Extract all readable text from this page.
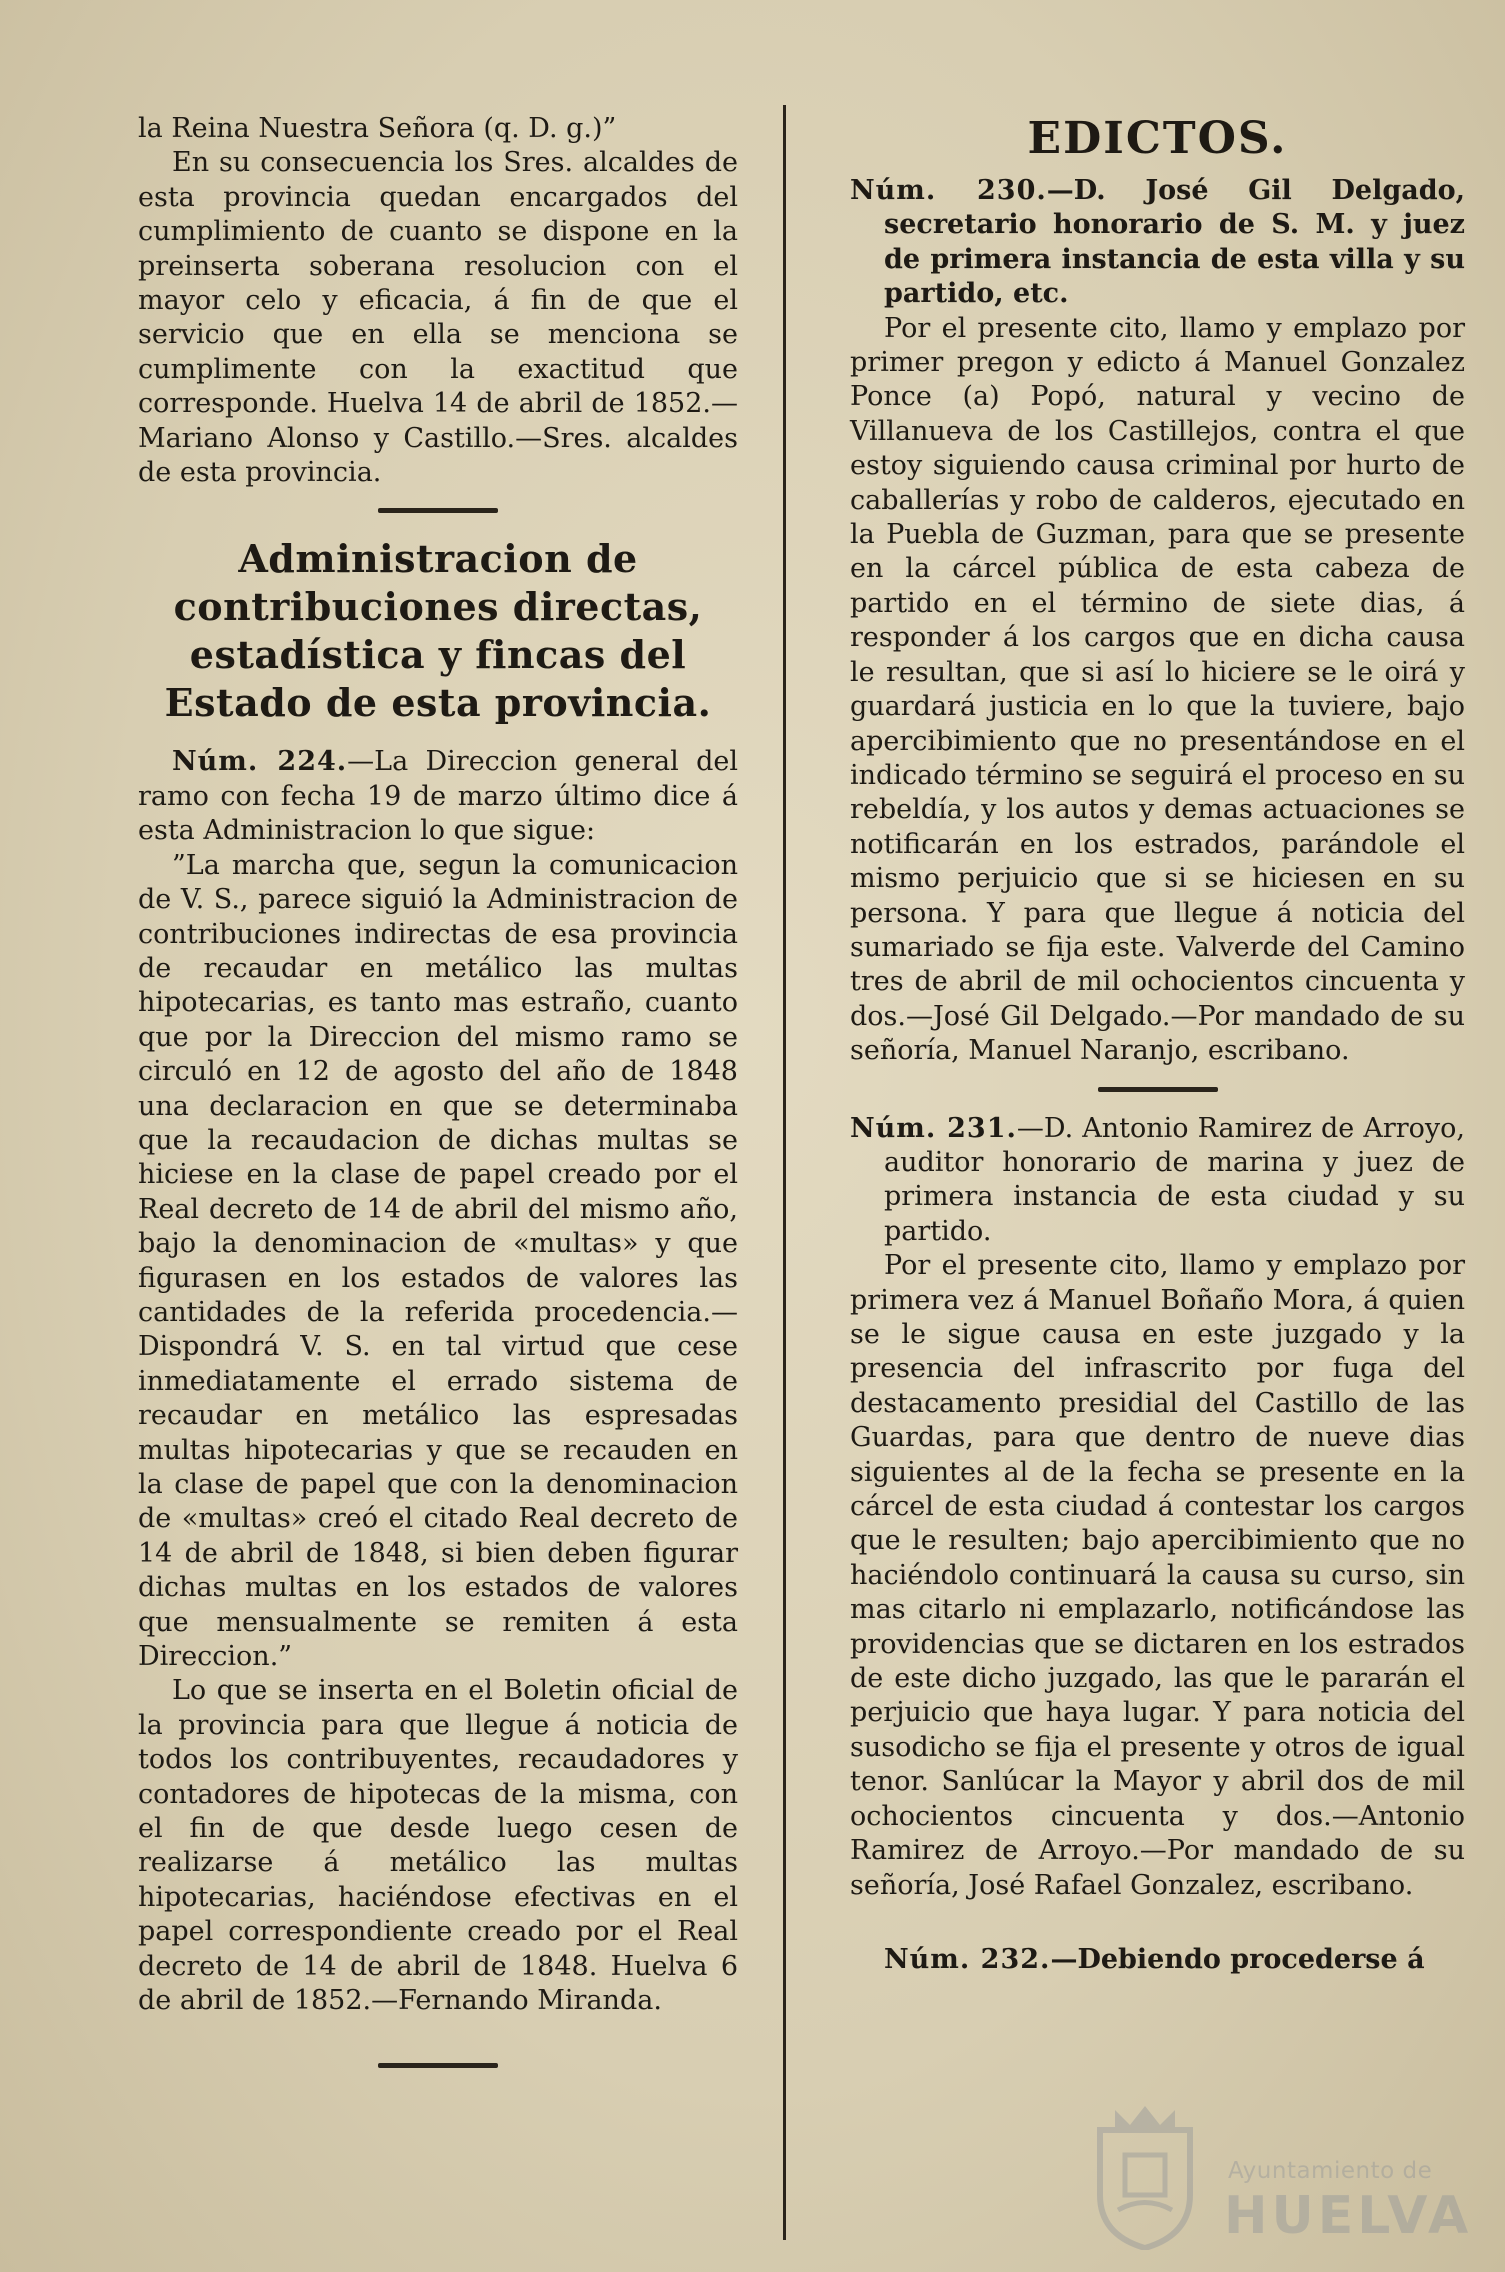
la Reina Nuestra Señora (q. D. g.)”

En su consecuencia los Sres. alcaldes de esta provincia quedan encargados del cumplimiento de cuanto se dispone en la preinserta soberana resolucion con el mayor celo y eficacia, á fin de que el servicio que en ella se menciona se cumplimente con la exactitud que corresponde. Huelva 14 de abril de 1852.—Mariano Alonso y Castillo.—Sres. alcaldes de esta provincia.

Administracion de contribuciones directas, estadística y fincas del Estado de esta provincia.

Núm. 224.—La Direccion general del ramo con fecha 19 de marzo último dice á esta Administracion lo que sigue:

”La marcha que, segun la comunicacion de V. S., parece siguió la Administracion de contribuciones indirectas de esa provincia de recaudar en metálico las multas hipotecarias, es tanto mas estraño, cuanto que por la Direccion del mismo ramo se circuló en 12 de agosto del año de 1848 una declaracion en que se determinaba que la recaudacion de dichas multas se hiciese en la clase de papel creado por el Real decreto de 14 de abril del mismo año, bajo la denominacion de «multas» y que figurasen en los estados de valores las cantidades de la referida procedencia.—Dispondrá V. S. en tal virtud que cese inmediatamente el errado sistema de recaudar en metálico las espresadas multas hipotecarias y que se recauden en la clase de papel que con la denominacion de «multas» creó el citado Real decreto de 14 de abril de 1848, si bien deben figurar dichas multas en los estados de valores que mensualmente se remiten á esta Direccion.”

Lo que se inserta en el Boletin oficial de la provincia para que llegue á noticia de todos los contribuyentes, recaudadores y contadores de hipotecas de la misma, con el fin de que desde luego cesen de realizarse á metálico las multas hipotecarias, haciéndose efectivas en el papel correspondiente creado por el Real decreto de 14 de abril de 1848. Huelva 6 de abril de 1852.—Fernando Miranda.

EDICTOS.

Núm. 230.—D. José Gil Delgado, secretario honorario de S. M. y juez de primera instancia de esta villa y su partido, etc.

Por el presente cito, llamo y emplazo por primer pregon y edicto á Manuel Gonzalez Ponce (a) Popó, natural y vecino de Villanueva de los Castillejos, contra el que estoy siguiendo causa criminal por hurto de caballerías y robo de calderos, ejecutado en la Puebla de Guzman, para que se presente en la cárcel pública de esta cabeza de partido en el término de siete dias, á responder á los cargos que en dicha causa le resultan, que si así lo hiciere se le oirá y guardará justicia en lo que la tuviere, bajo apercibimiento que no presentándose en el indicado término se seguirá el proceso en su rebeldía, y los autos y demas actuaciones se notificarán en los estrados, parándole el mismo perjuicio que si se hiciesen en su persona. Y para que llegue á noticia del sumariado se fija este. Valverde del Camino tres de abril de mil ochocientos cincuenta y dos.—José Gil Delgado.—Por mandado de su señoría, Manuel Naranjo, escribano.

Núm. 231.—D. Antonio Ramirez de Arroyo, auditor honorario de marina y juez de primera instancia de esta ciudad y su partido.

Por el presente cito, llamo y emplazo por primera vez á Manuel Boñaño Mora, á quien se le sigue causa en este juzgado y la presencia del infrascrito por fuga del destacamento presidial del Castillo de las Guardas, para que dentro de nueve dias siguientes al de la fecha se presente en la cárcel de esta ciudad á contestar los cargos que le resulten; bajo apercibimiento que no haciéndolo continuará la causa su curso, sin mas citarlo ni emplazarlo, notificándose las providencias que se dictaren en los estrados de este dicho juzgado, las que le pararán el perjuicio que haya lugar. Y para noticia del susodicho se fija el presente y otros de igual tenor. Sanlúcar la Mayor y abril dos de mil ochocientos cincuenta y dos.—Antonio Ramirez de Arroyo.—Por mandado de su señoría, José Rafael Gonzalez, escribano.

Núm. 232.—Debiendo procederse á

Ayuntamiento de
HUELVA
